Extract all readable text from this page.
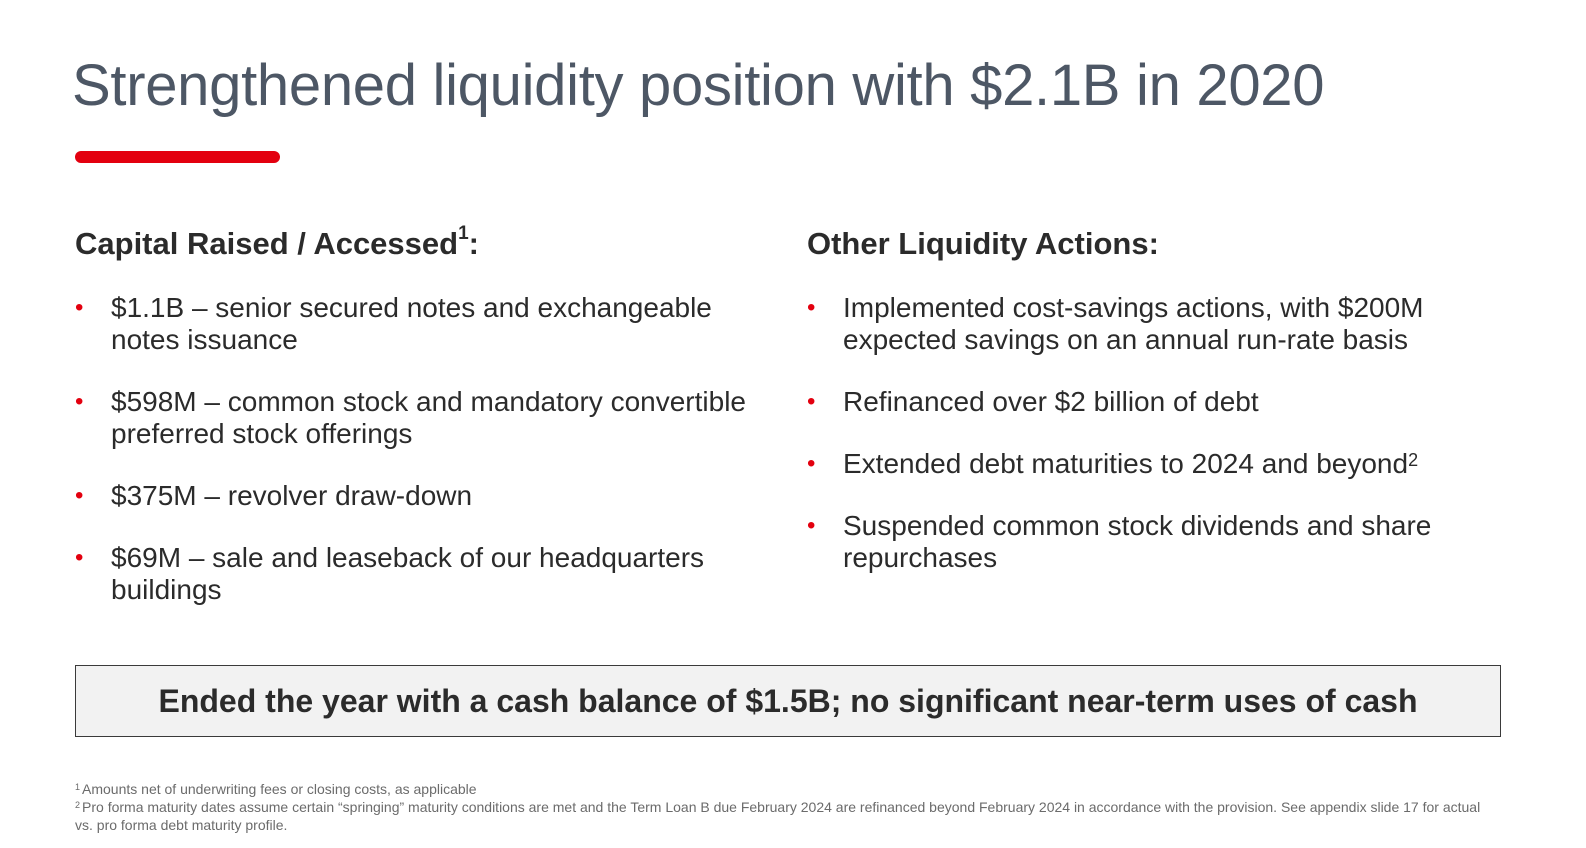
Strengthened liquidity position with $2.1B in 2020
Capital Raised / Accessed$^1$:
• $1.1B – senior secured notes and exchangeable notes issuance
• $598M – common stock and mandatory convertible preferred stock offerings
• $375M – revolver draw-down
• $69M – sale and leaseback of our headquarters buildings
Other Liquidity Actions:
• Implemented cost-savings actions, with $200M expected savings on an annual run-rate basis
• Refinanced over $2 billion of debt
• Extended debt maturities to 2024 and beyond$^2$
• Suspended common stock dividends and share repurchases
Ended the year with a cash balance of $1.5B; no significant near-term uses of cash
$^1$ Amounts net of underwriting fees or closing costs, as applicable
$^2$ Pro forma maturity dates assume certain “springing” maturity conditions are met and the Term Loan B due February 2024 are refinanced beyond February 2024 in accordance with the provision. See appendix slide 17 for actual vs. pro forma debt maturity profile.
